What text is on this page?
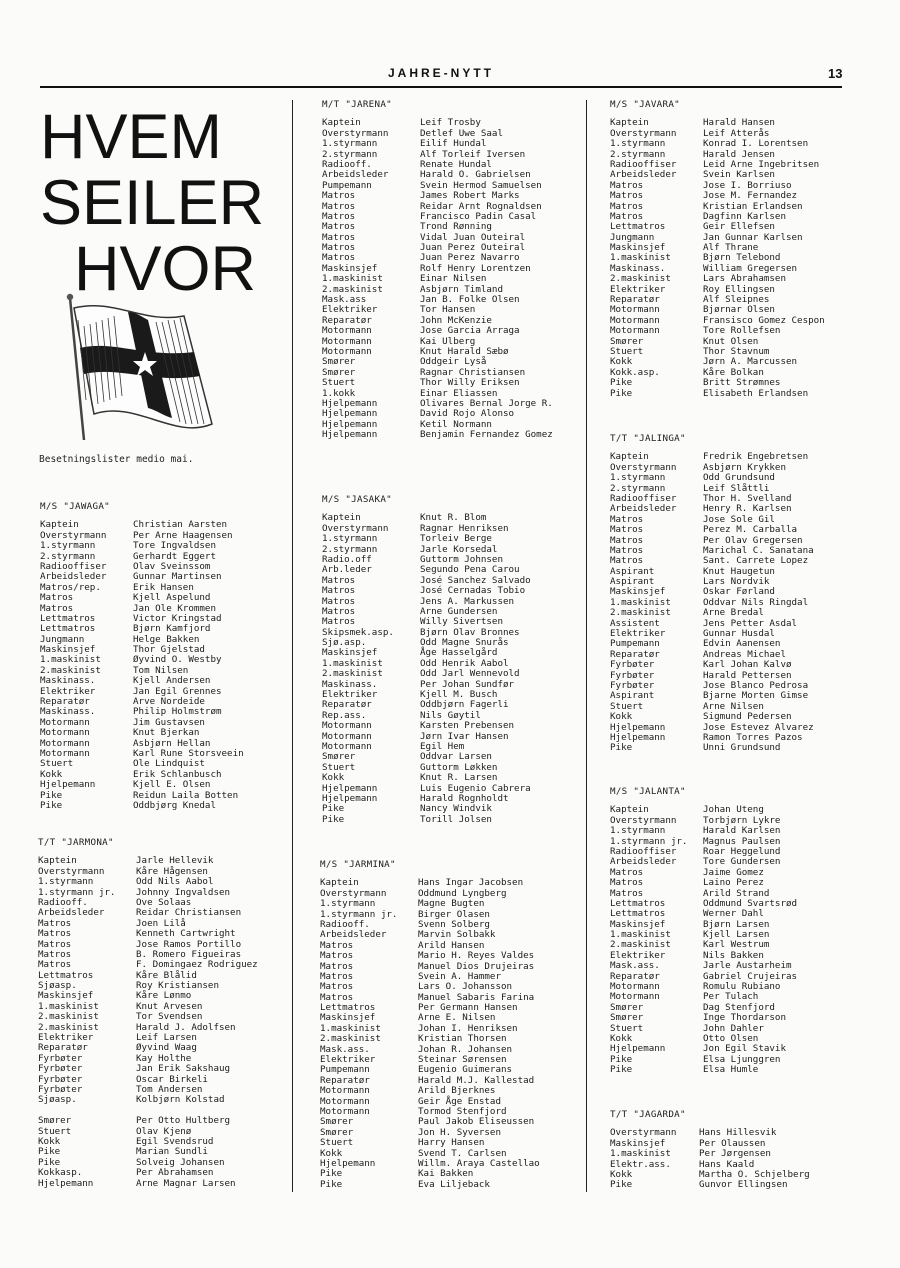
JAHRE-NYTT	13
HVEM
SEILER
HVOR
Besetningslister medio mai.
M/S "JAWAGA"
Kaptein	Christian Aarsten
Overstyrmann	Per Arne Haagensen
1.styrmann	Tore Ingvaldsen
2.styrmann	Gerhardt Eggert
Radiooffiser	Olav Sveinssom
Arbeidsleder	Gunnar Martinsen
Matros/rep.	Erik Hansen
Matros	Kjell Aspelund
Matros	Jan Ole Krommen
Lettmatros	Victor Kringstad
Lettmatros	Bjørn Kamfjord
Jungmann	Helge Bakken
Maskinsjef	Thor Gjelstad
1.maskinist	Øyvind O. Westby
2.maskinist	Tom Nilsen
Maskinass.	Kjell Andersen
Elektriker	Jan Egil Grennes
Reparatør	Arve Nordeide
Maskinass.	Philip Holmstrøm
Motormann	Jim Gustavsen
Motormann	Knut Bjerkan
Motormann	Asbjørn Hellan
Motormann	Karl Rune Storsveein
Stuert	Ole Lindquist
Kokk	Erik Schlanbusch
Hjelpemann	Kjell E. Olsen
Pike	Reidun Laila Botten
Pike	Oddbjørg Knedal
T/T "JARMONA"
Kaptein	Jarle Hellevik
Overstyrmann	Kåre Hågensen
1.styrmann	Odd Nils Aabol
1.styrmann jr.	Johnny Ingvaldsen
Radiooff.	Ove Solaas
Arbeidsleder	Reidar Christiansen
Matros	Joen Lilå
Matros	Kenneth Cartwright
Matros	Jose Ramos Portillo
Matros	B. Romero Figueiras
Matros	F. Domingaez Rodriguez
Lettmatros	Kåre Blålid
Sjøasp.	Roy Kristiansen
Maskinsjef	Kåre Lønmo
1.maskinist	Knut Arvesen
2.maskinist	Tor Svendsen
2.maskinist	Harald J. Adolfsen
Elektriker	Leif Larsen
Reparatør	Øyvind Waag
Fyrbøter	Kay Holthe
Fyrbøter	Jan Erik Sakshaug
Fyrbøter	Oscar Birkeli
Fyrbøter	Tom Andersen
Sjøasp.	Kolbjørn Kolstad
Smører	Per Otto Hultberg
Stuert	Olav Kjenø
Kokk	Egil Svendsrud
Pike	Marian Sundli
Pike	Solveig Johansen
Kokkasp.	Per Abrahamsen
Hjelpemann	Arne Magnar Larsen
M/T "JARENA"
Kaptein	Leif Trosby
Overstyrmann	Detlef Uwe Saal
1.styrmann	Eilif Hundal
2.styrmann	Alf Torleif Iversen
Radiooff.	Renate Hundal
Arbeidsleder	Harald O. Gabrielsen
Pumpemann	Svein Hermod Samuelsen
Matros	James Robert Marks
Matros	Reidar Arnt Rognaldsen
Matros	Francisco Padin Casal
Matros	Trond Rønning
Matros	Vidal Juan Outeiral
Matros	Juan Perez Outeiral
Matros	Juan Perez Navarro
Maskinsjef	Rolf Henry Lorentzen
1.maskinist	Einar Nilsen
2.maskinist	Asbjørn Timland
Mask.ass	Jan B. Folke Olsen
Elektriker	Tor Hansen
Reparatør	John McKenzie
Motormann	Jose Garcia Arraga
Motormann	Kai Ulberg
Motormann	Knut Harald Sæbø
Smører	Oddgeir Lyså
Smører	Ragnar Christiansen
Stuert	Thor Willy Eriksen
1.kokk	Einar Eliassen
Hjelpemann	Olivares Bernal Jorge R.
Hjelpemann	David Rojo Alonso
Hjelpemann	Ketil Normann
Hjelpemann	Benjamin Fernandez Gomez
M/S "JASAKA"
Kaptein	Knut R. Blom
Overstyrmann	Ragnar Henriksen
1.styrmann	Torleiv Berge
2.styrmann	Jarle Korsedal
Radio.off	Guttorm Johnsen
Arb.leder	Segundo Pena Carou
Matros	José Sanchez Salvado
Matros	José Cernadas Tobio
Matros	Jens A. Markussen
Matros	Arne Gundersen
Matros	Willy Sivertsen
Skipsmek.asp.	Bjørn Olav Bronnes
Sjø.asp.	Odd Magne Snurås
Maskinsjef	Åge Hasselgård
1.maskinist	Odd Henrik Aabol
2.maskinist	Odd Jarl Wennevold
Maskinass.	Per Johan Sundfør
Elektriker	Kjell M. Busch
Reparatør	Oddbjørn Fagerli
Rep.ass.	Nils Gøytil
Motormann	Karsten Prebensen
Motormann	Jørn Ivar Hansen
Motormann	Egil Hem
Smører	Oddvar Larsen
Stuert	Guttorm Løkken
Kokk	Knut R. Larsen
Hjelpemann	Luis Eugenio Cabrera
Hjelpemann	Harald Rognholdt
Pike	Nancy Windvik
Pike	Torill Jolsen
M/S "JARMINA"
Kaptein	Hans Ingar Jacobsen
Overstyrmann	Oddmund Lyngberg
1.styrmann	Magne Bugten
1.styrmann jr.	Birger Olasen
Radiooff.	Svenn Solberg
Arbeidsleder	Marvin Solbakk
Matros	Arild Hansen
Matros	Mario H. Reyes Valdes
Matros	Manuel Dios Drujeiras
Matros	Svein A. Hammer
Matros	Lars O. Johansson
Matros	Manuel Sabaris Farina
Lettmatros	Per Germann Hansen
Maskinsjef	Arne E. Nilsen
1.maskinist	Johan I. Henriksen
2.maskinist	Kristian Thorsen
Mask.ass.	Johan R. Johansen
Elektriker	Steinar Sørensen
Pumpemann	Eugenio Guimerans
Reparatør	Harald M.J. Kallestad
Motormann	Arild Bjerknes
Motormann	Geir Åge Enstad
Motormann	Tormod Stenfjord
Smører	Paul Jakob Eliseussen
Smører	Jon H. Syversen
Stuert	Harry Hansen
Kokk	Svend T. Carlsen
Hjelpemann	Willm. Araya Castellao
Pike	Kai Bakken
Pike	Eva Liljeback
M/S "JAVARA"
Kaptein	Harald Hansen
Overstyrmann	Leif Atterås
1.styrmann	Konrad I. Lorentsen
2.styrmann	Harald Jensen
Radiooffiser	Leid Arne Ingebritsen
Arbeidsleder	Svein Karlsen
Matros	Jose I. Borriuso
Matros	Jose M. Fernandez
Matros	Kristian Erlandsen
Matros	Dagfinn Karlsen
Lettmatros	Geir Ellefsen
Jungmann	Jan Gunnar Karlsen
Maskinsjef	Alf Thrane
1.maskinist	Bjørn Telebond
Maskinass.	William Gregersen
2.maskinist	Lars Abrahamsen
Elektriker	Roy Ellingsen
Reparatør	Alf Sleipnes
Motormann	Bjørnar Olsen
Motormann	Fransisco Gomez Cespon
Motormann	Tore Rollefsen
Smører	Knut Olsen
Stuert	Thor Stavnum
Kokk	Jørn A. Marcussen
Kokk.asp.	Kåre Bolkan
Pike	Britt Strømnes
Pike	Elisabeth Erlandsen
T/T "JALINGA"
Kaptein	Fredrik Engebretsen
Overstyrmann	Asbjørn Krykken
1.styrmann	Odd Grundsund
2.styrmann	Leif Slåttli
Radiooffiser	Thor H. Svelland
Arbeidsleder	Henry R. Karlsen
Matros	Jose Sole Gil
Matros	Perez M. Carballa
Matros	Per Olav Gregersen
Matros	Marichal C. Sanatana
Matros	Sant. Carrete Lopez
Aspirant	Knut Haugetun
Aspirant	Lars Nordvik
Maskinsjef	Oskar Førland
1.maskinist	Oddvar Nils Ringdal
2.maskinist	Arne Bredal
Assistent	Jens Petter Asdal
Elektriker	Gunnar Husdal
Pumpemann	Edvin Aanensen
Reparatør	Andreas Michael
Fyrbøter	Karl Johan Kalvø
Fyrbøter	Harald Pettersen
Fyrbøter	Jose Blanco Pedrosa
Aspirant	Bjarne Morten Gimse
Stuert	Arne Nilsen
Kokk	Sigmund Pedersen
Hjelpemann	Jose Estevez Alvarez
Hjelpemann	Ramon Torres Pazos
Pike	Unni Grundsund
M/S "JALANTA"
Kaptein	Johan Uteng
Overstyrmann	Torbjørn Lykre
1.styrmann	Harald Karlsen
1.styrmann jr.	Magnus Paulsen
Radiooffiser	Roar Heggelund
Arbeidsleder	Tore Gundersen
Matros	Jaime Gomez
Matros	Laino Perez
Matros	Arild Strand
Lettmatros	Oddmund Svartsrød
Lettmatros	Werner Dahl
Maskinsjef	Bjørn Larsen
1.maskinist	Kjell Larsen
2.maskinist	Karl Westrum
Elektriker	Nils Bakken
Mask.ass.	Jarle Austarheim
Reparatør	Gabriel Crujeiras
Motormann	Romulu Rubiano
Motormann	Per Tulach
Smører	Dag Stenfjord
Smører	Inge Thordarson
Stuert	John Dahler
Kokk	Otto Olsen
Hjelpemann	Jon Egil Stavik
Pike	Elsa Ljunggren
Pike	Elsa Humle
T/T "JAGARDA"
Overstyrmann	Hans Hillesvik
Maskinsjef	Per Olaussen
1.maskinist	Per Jørgensen
Elektr.ass.	Hans Kaald
Kokk	Martha O. Schjelberg
Pike	Gunvor Ellingsen
